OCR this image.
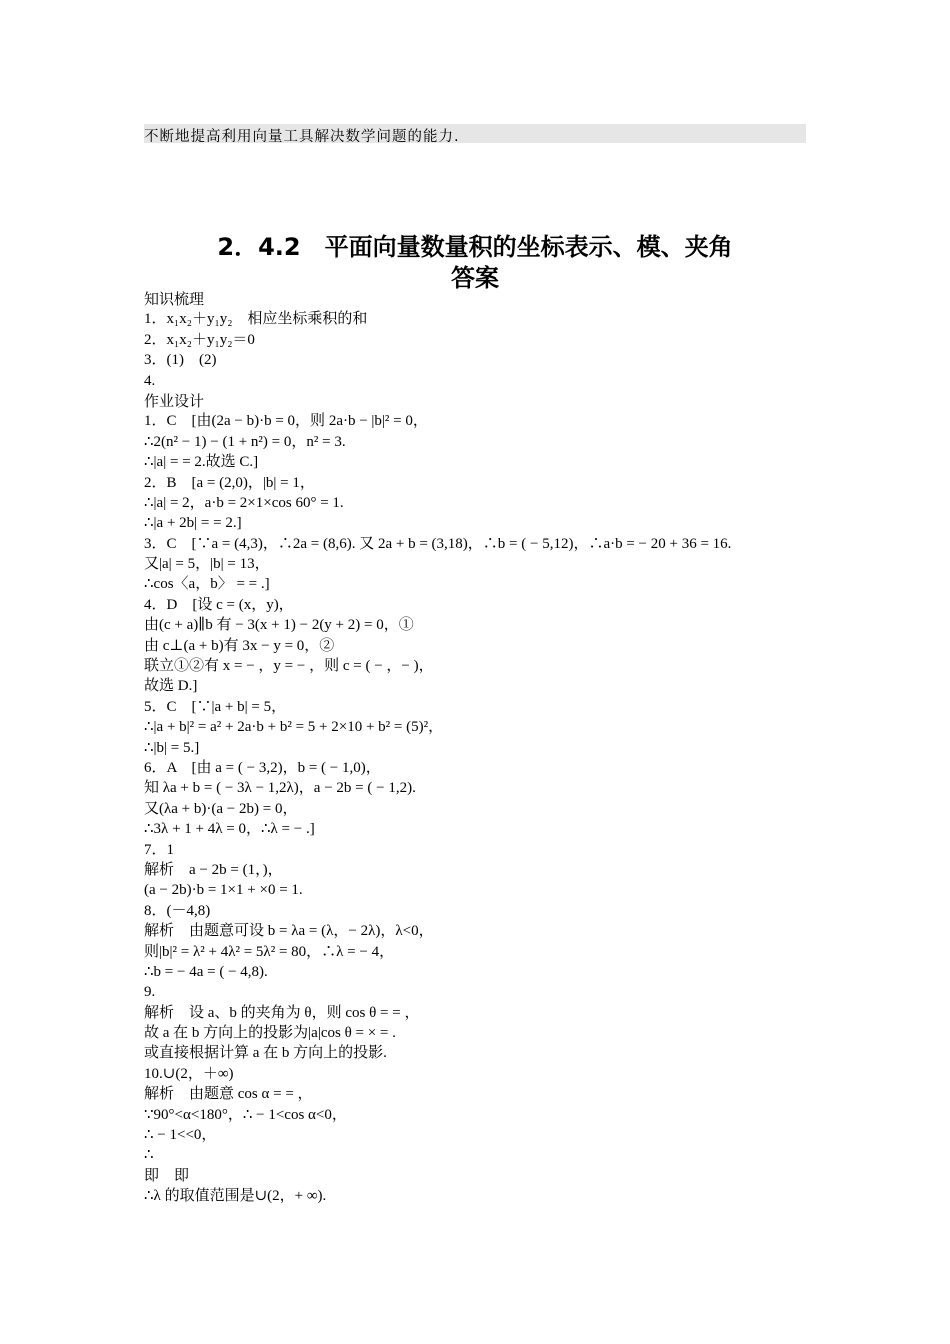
不断地提高利用向量工具解决数学问题的能力.
2．4.2　平面向量数量积的坐标表示、模、夹角
答案
知识梳理
1．x₁x₂＋y₁y₂　相应坐标乘积的和
2．x₁x₂＋y₁y₂＝0
3．(1)　(2)
4.
作业设计
1．C　[由(2a − b)·b = 0，则 2a·b − |b|² = 0，
∴2(n² − 1) − (1 + n²) = 0，n² = 3.
∴|a| = = 2.故选 C.]
2．B　[a = (2,0)，|b| = 1，
∴|a| = 2，a·b = 2×1×cos 60° = 1.
∴|a + 2b| = = 2.]
3．C　[∵a = (4,3)，∴2a = (8,6). 又 2a + b = (3,18)，∴b = ( − 5,12)，∴a·b = − 20 + 36 = 16.
又|a| = 5，|b| = 13，
∴cos〈a，b〉 = = .]
4．D　[设 c = (x，y)，
由(c + a)∥b 有 − 3(x + 1) − 2(y + 2) = 0，①
由 c⊥(a + b)有 3x − y = 0，②
联立①②有 x = − ，y = − ，则 c = ( − ，− )，
故选 D.]
5．C　[∵|a + b| = 5，
∴|a + b|² = a² + 2a·b + b² = 5 + 2×10 + b² = (5)²，
∴|b| = 5.]
6．A　[由 a = ( − 3,2)，b = ( − 1,0)，
知 λa + b = ( − 3λ − 1,2λ)，a − 2b = ( − 1,2).
又(λa + b)·(a − 2b) = 0，
∴3λ + 1 + 4λ = 0，∴λ = − .]
7．1
解析　a − 2b = (1，)，
(a − 2b)·b = 1×1 + ×0 = 1.
8．(－4,8)
解析　由题意可设 b = λa = (λ，− 2λ)，λ<0，
则|b|² = λ² + 4λ² = 5λ² = 80，∴λ = − 4，
∴b = − 4a = ( − 4,8).
9.
解析　设 a、b 的夹角为 θ，则 cos θ = = ，
故 a 在 b 方向上的投影为|a|cos θ = × = .
或直接根据计算 a 在 b 方向上的投影.
10.∪(2，＋∞)
解析　由题意 cos α = = ，
∵90°<α<180°，∴ − 1<cos α<0，
∴ − 1<<0，
∴
即　即
∴λ 的取值范围是∪(2，+ ∞).
